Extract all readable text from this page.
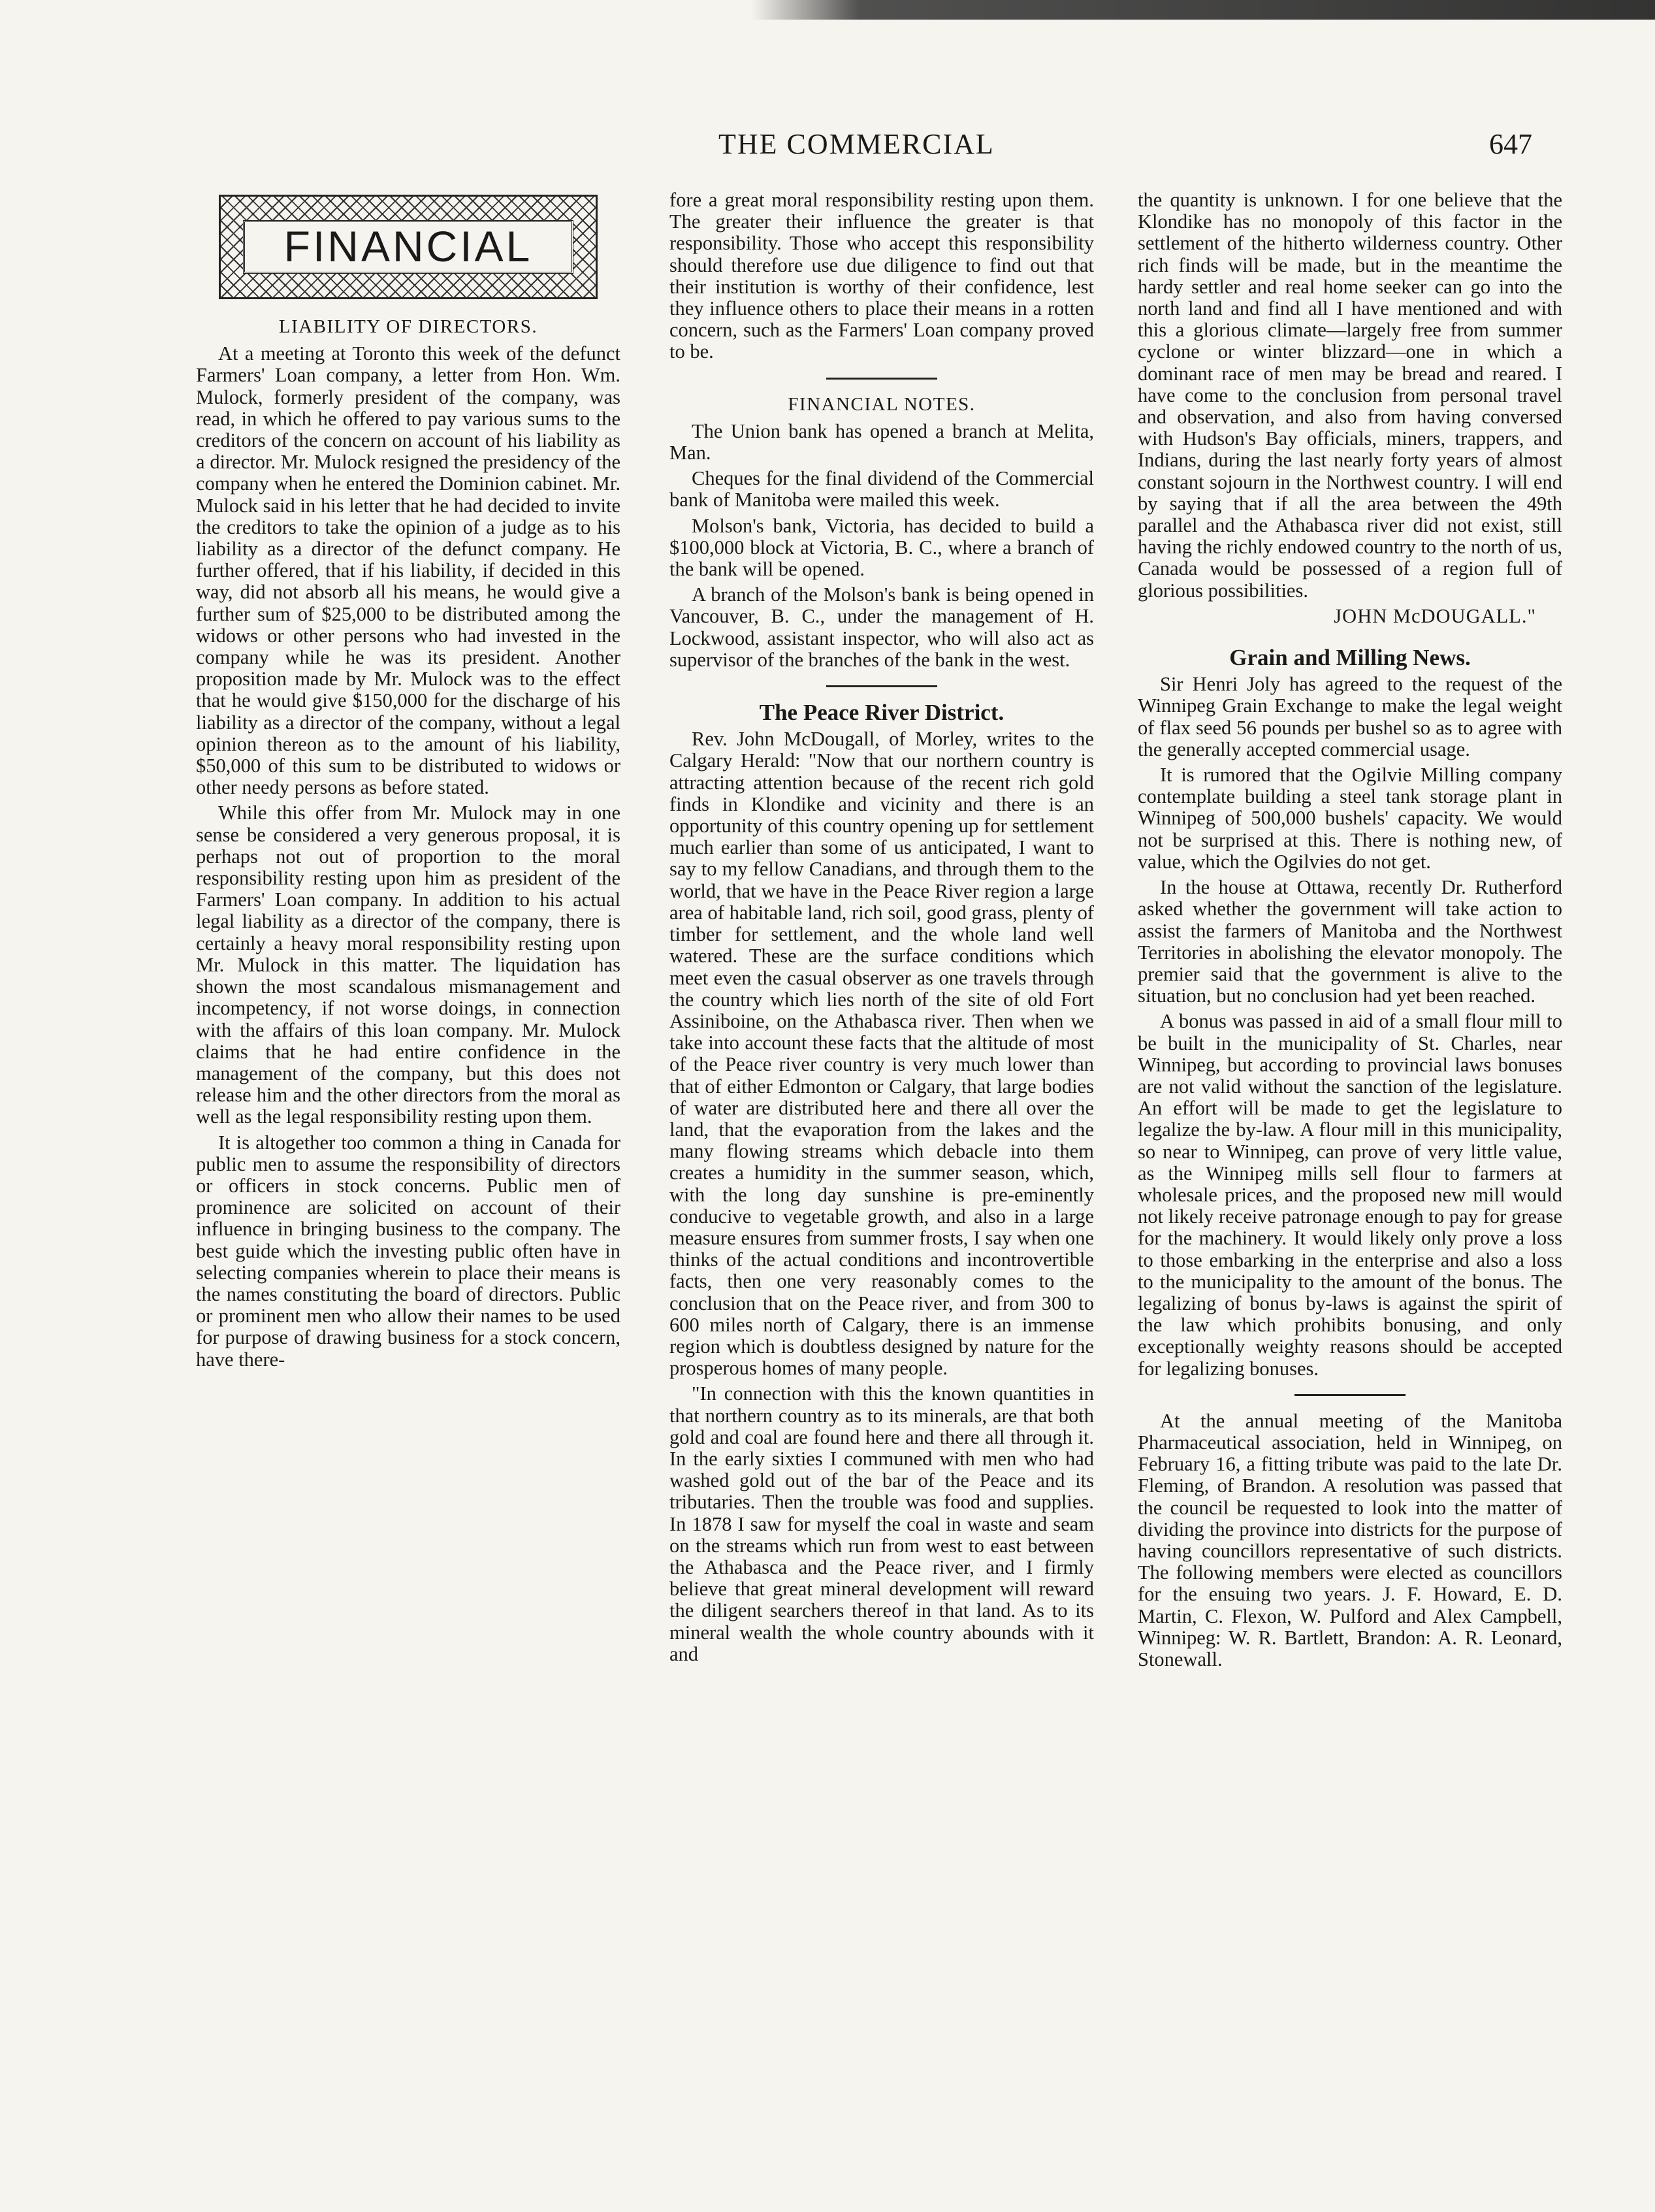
THE COMMERCIAL	647
FINANCIAL
LIABILITY OF DIRECTORS.

At a meeting at Toronto this week of the defunct Farmers' Loan company, a letter from Hon. Wm. Mulock, formerly president of the company, was read, in which he offered to pay various sums to the creditors of the concern on account of his liability as a director. Mr. Mulock resigned the presidency of the company when he entered the Dominion cabinet. Mr. Mulock said in his letter that he had decided to invite the creditors to take the opinion of a judge as to his liability as a director of the defunct company. He further offered, that if his liability, if decided in this way, did not absorb all his means, he would give a further sum of $25,000 to be distributed among the widows or other persons who had invested in the company while he was its president. Another proposition made by Mr. Mulock was to the effect that he would give $150,000 for the discharge of his liability as a director of the company, without a legal opinion thereon as to the amount of his liability, $50,000 of this sum to be distributed to widows or other needy persons as before stated.

While this offer from Mr. Mulock may in one sense be considered a very generous proposal, it is perhaps not out of proportion to the moral responsibility resting upon him as president of the Farmers' Loan company. In addition to his actual legal liability as a director of the company, there is certainly a heavy moral responsibility resting upon Mr. Mulock in this matter. The liquidation has shown the most scandalous mismanagement and incompetency, if not worse doings, in connection with the affairs of this loan company. Mr. Mulock claims that he had entire confidence in the management of the company, but this does not release him and the other directors from the moral as well as the legal responsibility resting upon them.

It is altogether too common a thing in Canada for public men to assume the responsibility of directors or officers in stock concerns. Public men of prominence are solicited on account of their influence in bringing business to the company. The best guide which the investing public often have in selecting companies wherein to place their means is the names constituting the board of directors. Public or prominent men who allow their names to be used for purpose of drawing business for a stock concern, have there-

fore a great moral responsibility resting upon them. The greater their influence the greater is that responsibility. Those who accept this responsibility should therefore use due diligence to find out that their institution is worthy of their confidence, lest they influence others to place their means in a rotten concern, such as the Farmers' Loan company proved to be.

FINANCIAL NOTES.

The Union bank has opened a branch at Melita, Man.

Cheques for the final dividend of the Commercial bank of Manitoba were mailed this week.

Molson's bank, Victoria, has decided to build a $100,000 block at Victoria, B. C., where a branch of the bank will be opened.

A branch of the Molson's bank is being opened in Vancouver, B. C., under the management of H. Lockwood, assistant inspector, who will also act as supervisor of the branches of the bank in the west.

The Peace River District.

Rev. John McDougall, of Morley, writes to the Calgary Herald: "Now that our northern country is attracting attention because of the recent rich gold finds in Klondike and vicinity and there is an opportunity of this country opening up for settlement much earlier than some of us anticipated, I want to say to my fellow Canadians, and through them to the world, that we have in the Peace River region a large area of habitable land, rich soil, good grass, plenty of timber for settlement, and the whole land well watered. These are the surface conditions which meet even the casual observer as one travels through the country which lies north of the site of old Fort Assiniboine, on the Athabasca river. Then when we take into account these facts that the altitude of most of the Peace river country is very much lower than that of either Edmonton or Calgary, that large bodies of water are distributed here and there all over the land, that the evaporation from the lakes and the many flowing streams which debacle into them creates a humidity in the summer season, which, with the long day sunshine is pre-eminently conducive to vegetable growth, and also in a large measure ensures from summer frosts, I say when one thinks of the actual conditions and incontrovertible facts, then one very reasonably comes to the conclusion that on the Peace river, and from 300 to 600 miles north of Calgary, there is an immense region which is doubtless designed by nature for the prosperous homes of many people.

"In connection with this the known quantities in that northern country as to its minerals, are that both gold and coal are found here and there all through it. In the early sixties I communed with men who had washed gold out of the bar of the Peace and its tributaries. Then the trouble was food and supplies. In 1878 I saw for myself the coal in waste and seam on the streams which run from west to east between the Athabasca and the Peace river, and I firmly believe that great mineral development will reward the diligent searchers thereof in that land. As to its mineral wealth the whole country abounds with it and

the quantity is unknown. I for one believe that the Klondike has no monopoly of this factor in the settlement of the hitherto wilderness country. Other rich finds will be made, but in the meantime the hardy settler and real home seeker can go into the north land and find all I have mentioned and with this a glorious climate—largely free from summer cyclone or winter blizzard—one in which a dominant race of men may be bread and reared. I have come to the conclusion from personal travel and observation, and also from having conversed with Hudson's Bay officials, miners, trappers, and Indians, during the last nearly forty years of almost constant sojourn in the Northwest country. I will end by saying that if all the area between the 49th parallel and the Athabasca river did not exist, still having the richly endowed country to the north of us, Canada would be possessed of a region full of glorious possibilities.

JOHN McDOUGALL."
Grain and Milling News.

Sir Henri Joly has agreed to the request of the Winnipeg Grain Exchange to make the legal weight of flax seed 56 pounds per bushel so as to agree with the generally accepted commercial usage.

It is rumored that the Ogilvie Milling company contemplate building a steel tank storage plant in Winnipeg of 500,000 bushels' capacity. We would not be surprised at this. There is nothing new, of value, which the Ogilvies do not get.

In the house at Ottawa, recently Dr. Rutherford asked whether the government will take action to assist the farmers of Manitoba and the Northwest Territories in abolishing the elevator monopoly. The premier said that the government is alive to the situation, but no conclusion had yet been reached.

A bonus was passed in aid of a small flour mill to be built in the municipality of St. Charles, near Winnipeg, but according to provincial laws bonuses are not valid without the sanction of the legislature. An effort will be made to get the legislature to legalize the by-law. A flour mill in this municipality, so near to Winnipeg, can prove of very little value, as the Winnipeg mills sell flour to farmers at wholesale prices, and the proposed new mill would not likely receive patronage enough to pay for grease for the machinery. It would likely only prove a loss to those embarking in the enterprise and also a loss to the municipality to the amount of the bonus. The legalizing of bonus by-laws is against the spirit of the law which prohibits bonusing, and only exceptionally weighty reasons should be accepted for legalizing bonuses.

At the annual meeting of the Manitoba Pharmaceutical association, held in Winnipeg, on February 16, a fitting tribute was paid to the late Dr. Fleming, of Brandon. A resolution was passed that the council be requested to look into the matter of dividing the province into districts for the purpose of having councillors representative of such districts. The following members were elected as councillors for the ensuing two years. J. F. Howard, E. D. Martin, C. Flexon, W. Pulford and Alex Campbell, Winnipeg: W. R. Bartlett, Brandon: A. R. Leonard, Stonewall.
